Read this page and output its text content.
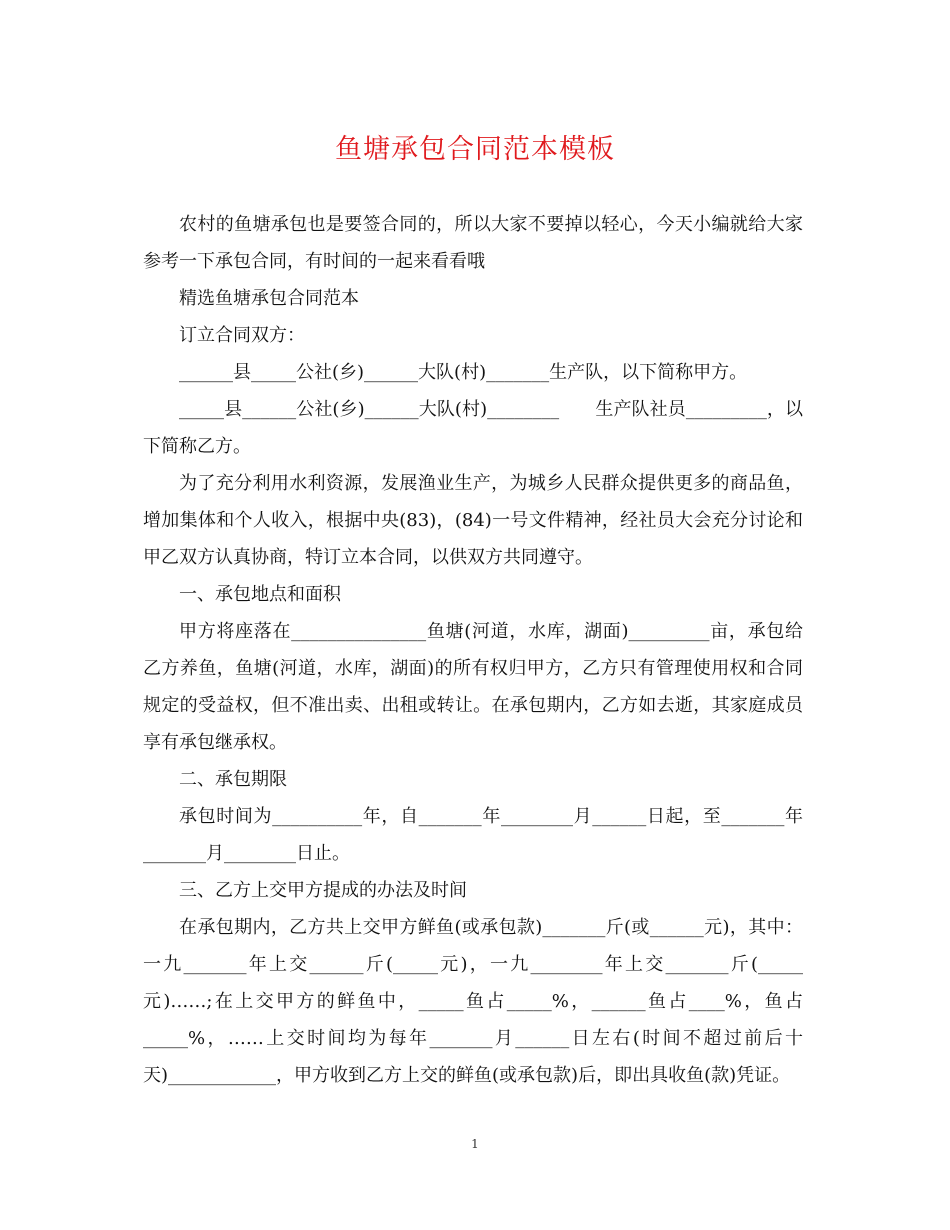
鱼塘承包合同范本模板

农村的鱼塘承包也是要签合同的，所以大家不要掉以轻心，今天小编就给大家参考一下承包合同，有时间的一起来看看哦

精选鱼塘承包合同范本

订立合同双方：

______县_____公社(乡)______大队(村)_______生产队，以下简称甲方。

_____县______公社(乡)______大队(村)________　　生产队社员_________，以下简称乙方。

为了充分利用水利资源，发展渔业生产，为城乡人民群众提供更多的商品鱼，增加集体和个人收入，根据中央(83)，(84)一号文件精神，经社员大会充分讨论和甲乙双方认真协商，特订立本合同，以供双方共同遵守。

一、承包地点和面积

甲方将座落在_______________鱼塘(河道，水库，湖面)_________亩，承包给乙方养鱼，鱼塘(河道，水库，湖面)的所有权归甲方，乙方只有管理使用权和合同规定的受益权，但不准出卖、出租或转让。在承包期内，乙方如去逝，其家庭成员享有承包继承权。

二、承包期限

承包时间为__________年，自_______年________月______日起，至_______年_______月________日止。

三、乙方上交甲方提成的办法及时间

在承包期内，乙方共上交甲方鲜鱼(或承包款)_______斤(或______元)，其中：一九_______年上交______斤(_____元)，一九________年上交_______斤(_____元)……;在上交甲方的鲜鱼中，_____鱼占_____%，______鱼占____%，鱼占_____%，……上交时间均为每年_______月______日左右(时间不超过前后十天)____________，甲方收到乙方上交的鲜鱼(或承包款)后，即出具收鱼(款)凭证。

1
